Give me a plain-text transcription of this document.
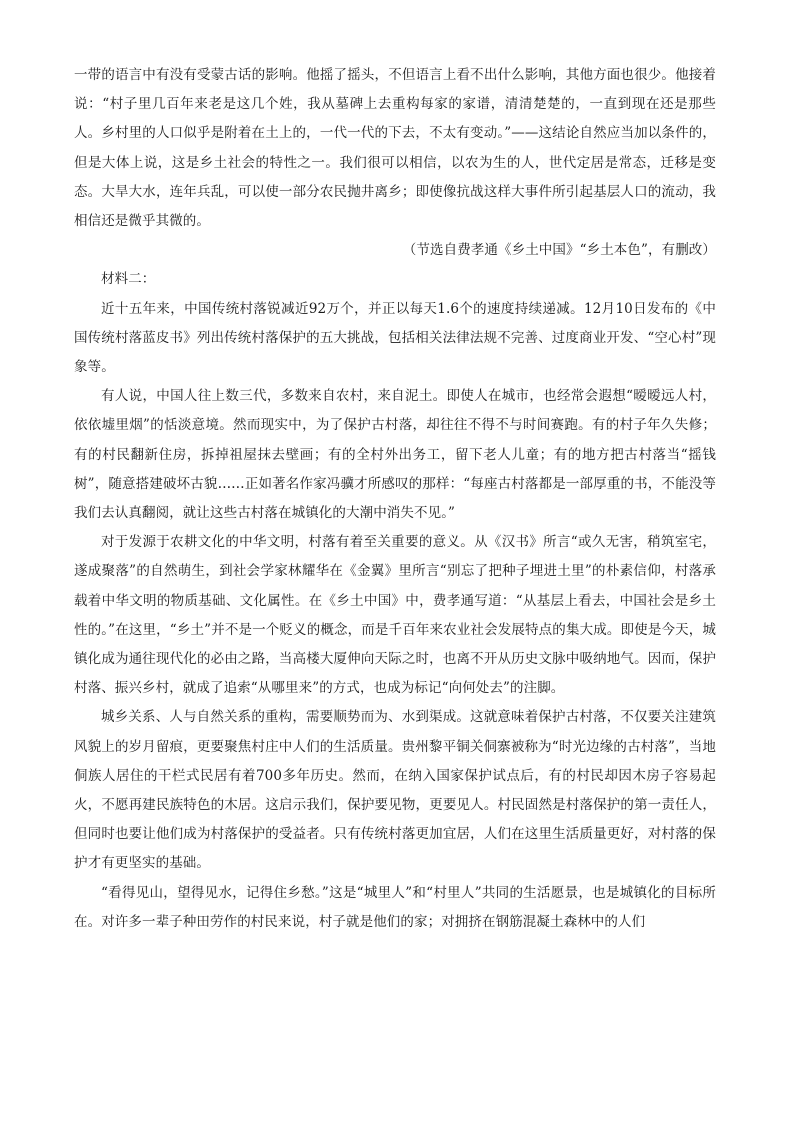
一带的语言中有没有受蒙古话的影响。他摇了摇头，不但语言上看不出什么影响，其他方面也很少。他接着说：“村子里几百年来老是这几个姓，我从墓碑上去重构每家的家谱，清清楚楚的，一直到现在还是那些人。乡村里的人口似乎是附着在土上的，一代一代的下去，不太有变动。”——这结论自然应当加以条件的，但是大体上说，这是乡土社会的特性之一。我们很可以相信，以农为生的人，世代定居是常态，迁移是变态。大旱大水，连年兵乱，可以使一部分农民抛井离乡；即使像抗战这样大事件所引起基层人口的流动，我相信还是微乎其微的。

（节选自费孝通《乡土中国》“乡土本色”，有删改）

材料二：

近十五年来，中国传统村落锐减近92万个，并正以每天1.6个的速度持续递减。12月10日发布的《中国传统村落蓝皮书》列出传统村落保护的五大挑战，包括相关法律法规不完善、过度商业开发、“空心村”现象等。

有人说，中国人往上数三代，多数来自农村，来自泥土。即使人在城市，也经常会遐想“暧暧远人村，依依墟里烟”的恬淡意境。然而现实中，为了保护古村落，却往往不得不与时间赛跑。有的村子年久失修；有的村民翻新住房，拆掉祖屋抹去壁画；有的全村外出务工，留下老人儿童；有的地方把古村落当“摇钱树”，随意搭建破坏古貌……正如著名作家冯骥才所感叹的那样：“每座古村落都是一部厚重的书，不能没等我们去认真翻阅，就让这些古村落在城镇化的大潮中消失不见。”

对于发源于农耕文化的中华文明，村落有着至关重要的意义。从《汉书》所言“或久无害，稍筑室宅，遂成聚落”的自然萌生，到社会学家林耀华在《金翼》里所言“别忘了把种子埋进土里”的朴素信仰，村落承载着中华文明的物质基础、文化属性。在《乡土中国》中，费孝通写道：“从基层上看去，中国社会是乡土性的。”在这里，“乡土”并不是一个贬义的概念，而是千百年来农业社会发展特点的集大成。即使是今天，城镇化成为通往现代化的必由之路，当高楼大厦伸向天际之时，也离不开从历史文脉中吸纳地气。因而，保护村落、振兴乡村，就成了追索“从哪里来”的方式，也成为标记“向何处去”的注脚。

城乡关系、人与自然关系的重构，需要顺势而为、水到渠成。这就意味着保护古村落，不仅要关注建筑风貌上的岁月留痕，更要聚焦村庄中人们的生活质量。贵州黎平铜关侗寨被称为“时光边缘的古村落”，当地侗族人居住的干栏式民居有着700多年历史。然而，在纳入国家保护试点后，有的村民却因木房子容易起火，不愿再建民族特色的木居。这启示我们，保护要见物，更要见人。村民固然是村落保护的第一责任人，但同时也要让他们成为村落保护的受益者。只有传统村落更加宜居，人们在这里生活质量更好，对村落的保护才有更坚实的基础。

“看得见山，望得见水，记得住乡愁。”这是“城里人”和“村里人”共同的生活愿景，也是城镇化的目标所在。对许多一辈子种田劳作的村民来说，村子就是他们的家；对拥挤在钢筋混凝土森林中的人们
